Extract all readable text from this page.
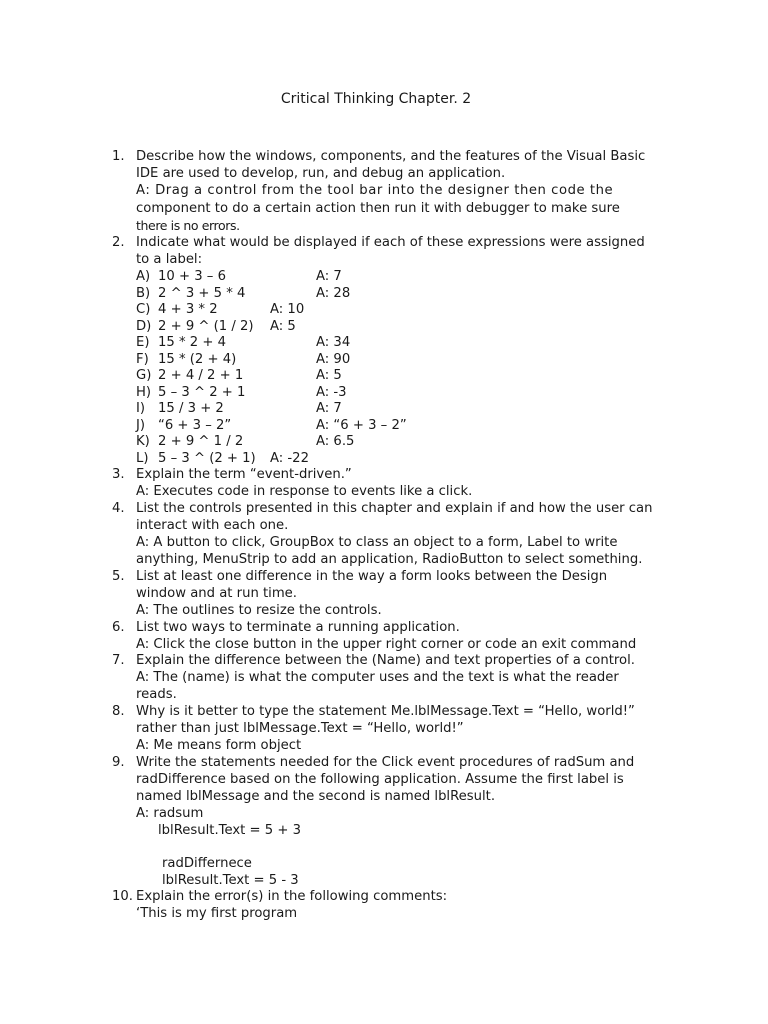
Critical Thinking Chapter. 2
1. Describe how the windows, components, and the features of the Visual Basic
IDE are used to develop, run, and debug an application.
A: Drag a control from the tool bar into the designer then code the
component to do a certain action then run it with debugger to make sure
there is no errors.
2. Indicate what would be displayed if each of these expressions were assigned
to a label:
A) 10 + 3 – 6	A: 7
B) 2 ^ 3 + 5 * 4	A: 28
C) 4 + 3 * 2	A: 10
D) 2 + 9 ^ (1 / 2) A: 5
E) 15 * 2 + 4	A: 34
F) 15 * (2 + 4)	A: 90
G) 2 + 4 / 2 + 1	A: 5
H) 5 – 3 ^ 2 + 1	A: -3
I) 15 / 3 + 2	A: 7
J) “6 + 3 – 2”	A: “6 + 3 – 2”
K) 2 + 9 ^ 1 / 2	A: 6.5
L) 5 – 3 ^ (2 + 1) A: -22
3. Explain the term “event-driven.”
A: Executes code in response to events like a click.
4. List the controls presented in this chapter and explain if and how the user can
interact with each one.
A: A button to click, GroupBox to class an object to a form, Label to write
anything, MenuStrip to add an application, RadioButton to select something.
5. List at least one difference in the way a form looks between the Design
window and at run time.
A: The outlines to resize the controls.
6. List two ways to terminate a running application.
A: Click the close button in the upper right corner or code an exit command
7. Explain the difference between the (Name) and text properties of a control.
A: The (name) is what the computer uses and the text is what the reader
reads.
8. Why is it better to type the statement Me.lblMessage.Text = “Hello, world!”
rather than just lblMessage.Text = “Hello, world!”
A: Me means form object
9. Write the statements needed for the Click event procedures of radSum and
radDifference based on the following application. Assume the first label is
named lblMessage and the second is named lblResult.
A: radsum
lblResult.Text = 5 + 3
radDiffernece
lblResult.Text = 5 - 3
10. Explain the error(s) in the following comments:
‘This is my first program
